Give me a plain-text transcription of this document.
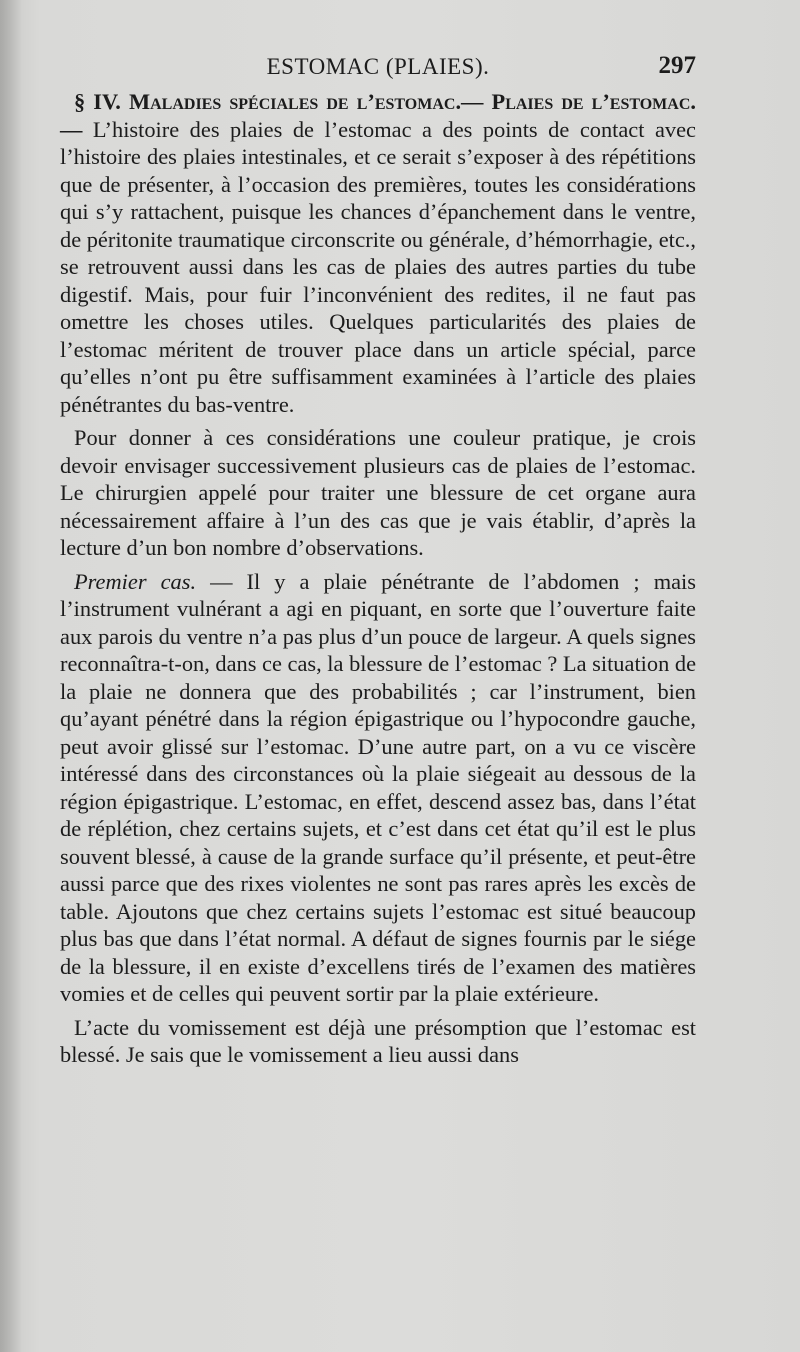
ESTOMAC (PLAIES).	297

§ IV. Maladies spéciales de l’estomac.— Plaies de l’estomac.— L’histoire des plaies de l’estomac a des points de contact avec l’histoire des plaies intestinales, et ce serait s’exposer à des répétitions que de présenter, à l’occasion des premières, toutes les considérations qui s’y rattachent, puisque les chances d’épanchement dans le ventre, de péritonite traumatique circonscrite ou générale, d’hémorrhagie, etc., se retrouvent aussi dans les cas de plaies des autres parties du tube digestif. Mais, pour fuir l’inconvénient des redites, il ne faut pas omettre les choses utiles. Quelques particularités des plaies de l’estomac méritent de trouver place dans un article spécial, parce qu’elles n’ont pu être suffisamment examinées à l’article des plaies pénétrantes du bas-ventre.

Pour donner à ces considérations une couleur pratique, je crois devoir envisager successivement plusieurs cas de plaies de l’estomac. Le chirurgien appelé pour traiter une blessure de cet organe aura nécessairement affaire à l’un des cas que je vais établir, d’après la lecture d’un bon nombre d’observations.

Premier cas. — Il y a plaie pénétrante de l’abdomen ; mais l’instrument vulnérant a agi en piquant, en sorte que l’ouverture faite aux parois du ventre n’a pas plus d’un pouce de largeur. A quels signes reconnaîtra-t-on, dans ce cas, la blessure de l’estomac ? La situation de la plaie ne donnera que des probabilités ; car l’instrument, bien qu’ayant pénétré dans la région épigastrique ou l’hypocondre gauche, peut avoir glissé sur l’estomac. D’une autre part, on a vu ce viscère intéressé dans des circonstances où la plaie siégeait au dessous de la région épigastrique. L’estomac, en effet, descend assez bas, dans l’état de réplétion, chez certains sujets, et c’est dans cet état qu’il est le plus souvent blessé, à cause de la grande surface qu’il présente, et peut-être aussi parce que des rixes violentes ne sont pas rares après les excès de table. Ajoutons que chez certains sujets l’estomac est situé beaucoup plus bas que dans l’état normal. A défaut de signes fournis par le siége de la blessure, il en existe d’excellens tirés de l’examen des matières vomies et de celles qui peuvent sortir par la plaie extérieure.

L’acte du vomissement est déjà une présomption que l’estomac est blessé. Je sais que le vomissement a lieu aussi dans
